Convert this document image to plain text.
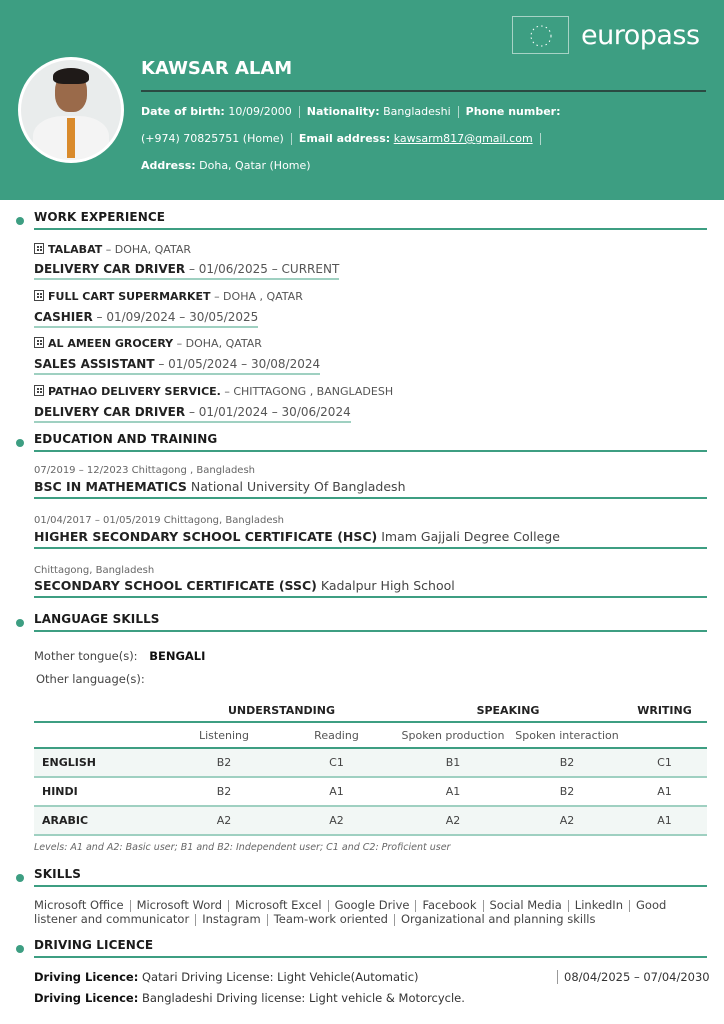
europass
KAWSAR ALAM
Date of birth: 10/09/2000 Nationality: Bangladeshi Phone number:
(+974) 70825751 (Home) Email address: kawsarm817@gmail.com
Address: Doha, Qatar (Home)
WORK EXPERIENCE
TALABAT – DOHA, QATAR
DELIVERY CAR DRIVER – 01/06/2025 – CURRENT
FULL CART SUPERMARKET – DOHA , QATAR
CASHIER – 01/09/2024 – 30/05/2025
AL AMEEN GROCERY – DOHA, QATAR
SALES ASSISTANT – 01/05/2024 – 30/08/2024
PATHAO DELIVERY SERVICE. – CHITTAGONG , BANGLADESH
DELIVERY CAR DRIVER – 01/01/2024 – 30/06/2024
EDUCATION AND TRAINING
07/2019 – 12/2023 Chittagong , Bangladesh
BSC IN MATHEMATICS National University Of Bangladesh
01/04/2017 – 01/05/2019 Chittagong, Bangladesh
HIGHER SECONDARY SCHOOL CERTIFICATE (HSC) Imam Gajjali Degree College
Chittagong, Bangladesh
SECONDARY SCHOOL CERTIFICATE (SSC) Kadalpur High School
LANGUAGE SKILLS
Mother tongue(s): BENGALI
Other language(s):
	UNDERSTANDING		SPEAKING		WRITING
	Listening	Reading	Spoken production	Spoken interaction	
ENGLISH	B2	C1	B1	B2	C1
HINDI	B2	A1	A1	B2	A1
ARABIC	A2	A2	A2	A2	A1
Levels: A1 and A2: Basic user; B1 and B2: Independent user; C1 and C2: Proficient user
SKILLS
Microsoft Office Microsoft Word Microsoft Excel Google Drive Facebook Social Media LinkedIn Good listener and communicator Instagram Team-work oriented Organizational and planning skills
DRIVING LICENCE
Driving Licence: Qatari Driving License: Light Vehicle(Automatic)	08/04/2025 – 07/04/2030
Driving Licence: Bangladeshi Driving license: Light vehicle & Motorcycle.
